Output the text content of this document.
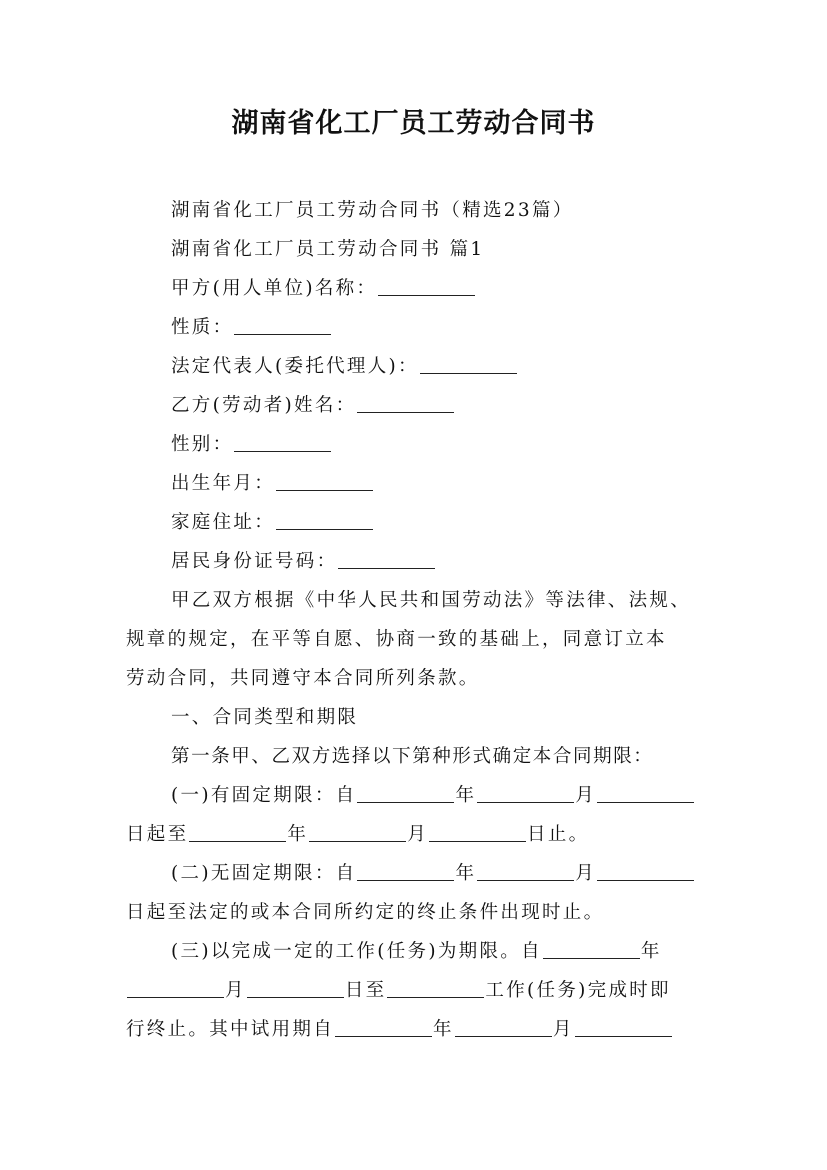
湖南省化工厂员工劳动合同书
湖南省化工厂员工劳动合同书（精选23篇）
湖南省化工厂员工劳动合同书 篇1
甲方(用人单位)名称：
性质：
法定代表人(委托代理人)：
乙方(劳动者)姓名：
性别：
出生年月：
家庭住址：
居民身份证号码：
甲乙双方根据《中华人民共和国劳动法》等法律、法规、
规章的规定，在平等自愿、协商一致的基础上，同意订立本
劳动合同，共同遵守本合同所列条款。
一、合同类型和期限
第一条甲、乙双方选择以下第种形式确定本合同期限：
(一)有固定期限：自	年	月
日起至	年	月	日止。
(二)无固定期限：自	年	月
日起至法定的或本合同所约定的终止条件出现时止。
(三)以完成一定的工作(任务)为期限。自	年
月	日至	工作(任务)完成时即
行终止。其中试用期自	年	月
